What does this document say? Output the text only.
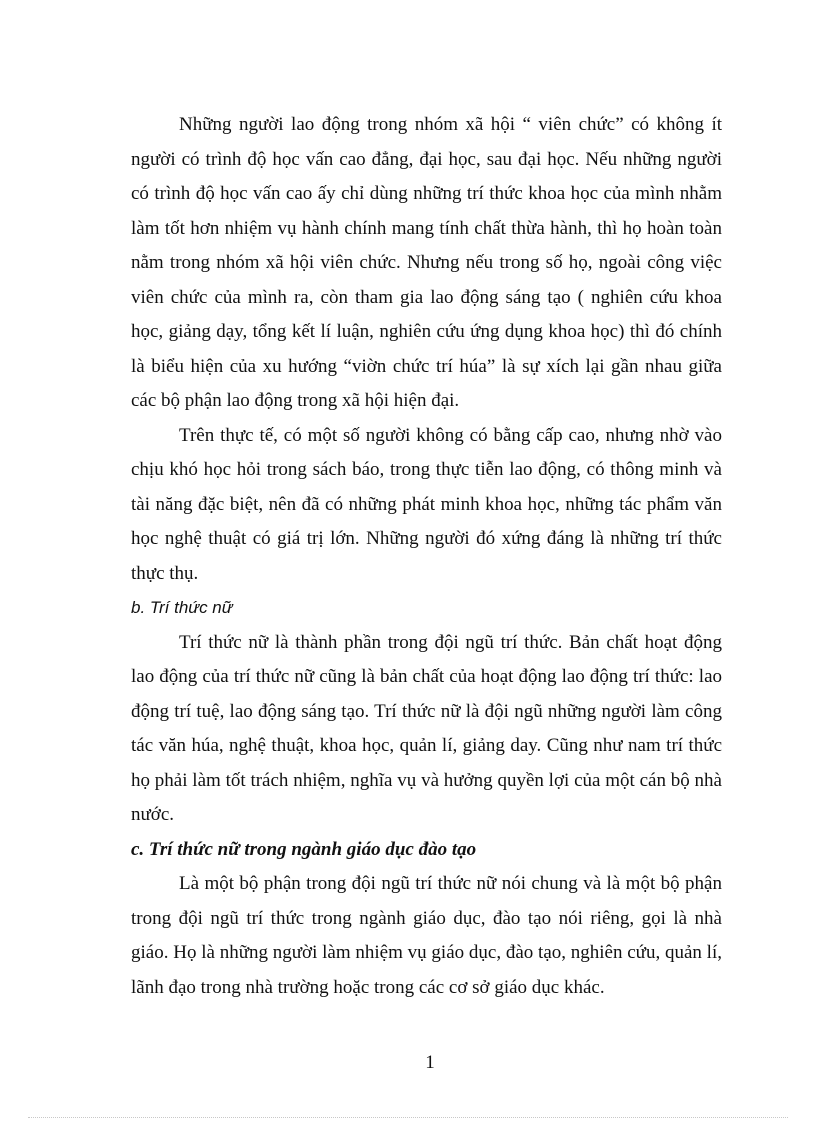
Những người lao động trong nhóm xã hội “ viên chức” có không ít người có trình độ học vấn cao đẳng, đại học, sau đại học. Nếu những người có trình độ học vấn cao ấy chỉ dùng những trí thức khoa học của mình nhằm làm tốt hơn nhiệm vụ hành chính mang tính chất thừa hành, thì họ hoàn toàn nằm trong nhóm xã hội viên chức. Nhưng nếu trong số họ, ngoài công việc viên chức của mình ra, còn tham gia lao động sáng tạo ( nghiên cứu khoa học, giảng dạy, tổng kết lí luận, nghiên cứu ứng dụng khoa học) thì đó chính là biểu hiện của xu hướng “viờn chức trí húa” là sự xích lại gần nhau giữa các bộ phận lao động trong xã hội hiện đại.

Trên thực tế, có một số người không có bằng cấp cao, nhưng nhờ vào chịu khó học hỏi trong sách báo, trong thực tiễn lao động, có thông minh và tài năng đặc biệt, nên đã có những phát minh khoa học, những tác phẩm văn học nghệ thuật có giá trị lớn. Những người đó xứng đáng là những trí thức thực thụ.

b. Trí thức nữ

Trí thức nữ là thành phần trong đội ngũ trí thức. Bản chất hoạt động lao động của trí thức nữ cũng là bản chất của hoạt động lao động trí thức: lao động trí tuệ, lao động sáng tạo. Trí thức nữ là đội ngũ những người làm công tác văn húa, nghệ thuật, khoa học, quản lí, giảng day. Cũng như nam trí thức họ phải làm tốt trách nhiệm, nghĩa vụ và hưởng quyền lợi của một cán bộ nhà nước.

c. Trí thức nữ trong ngành giáo dục đào tạo

Là một bộ phận trong đội ngũ trí thức nữ nói chung và là một bộ phận trong đội ngũ trí thức trong ngành giáo dục, đào tạo nói riêng, gọi là nhà giáo. Họ là những người làm nhiệm vụ giáo dục, đào tạo, nghiên cứu, quản lí, lãnh đạo trong nhà trường hoặc trong các cơ sở giáo dục khác.

1
